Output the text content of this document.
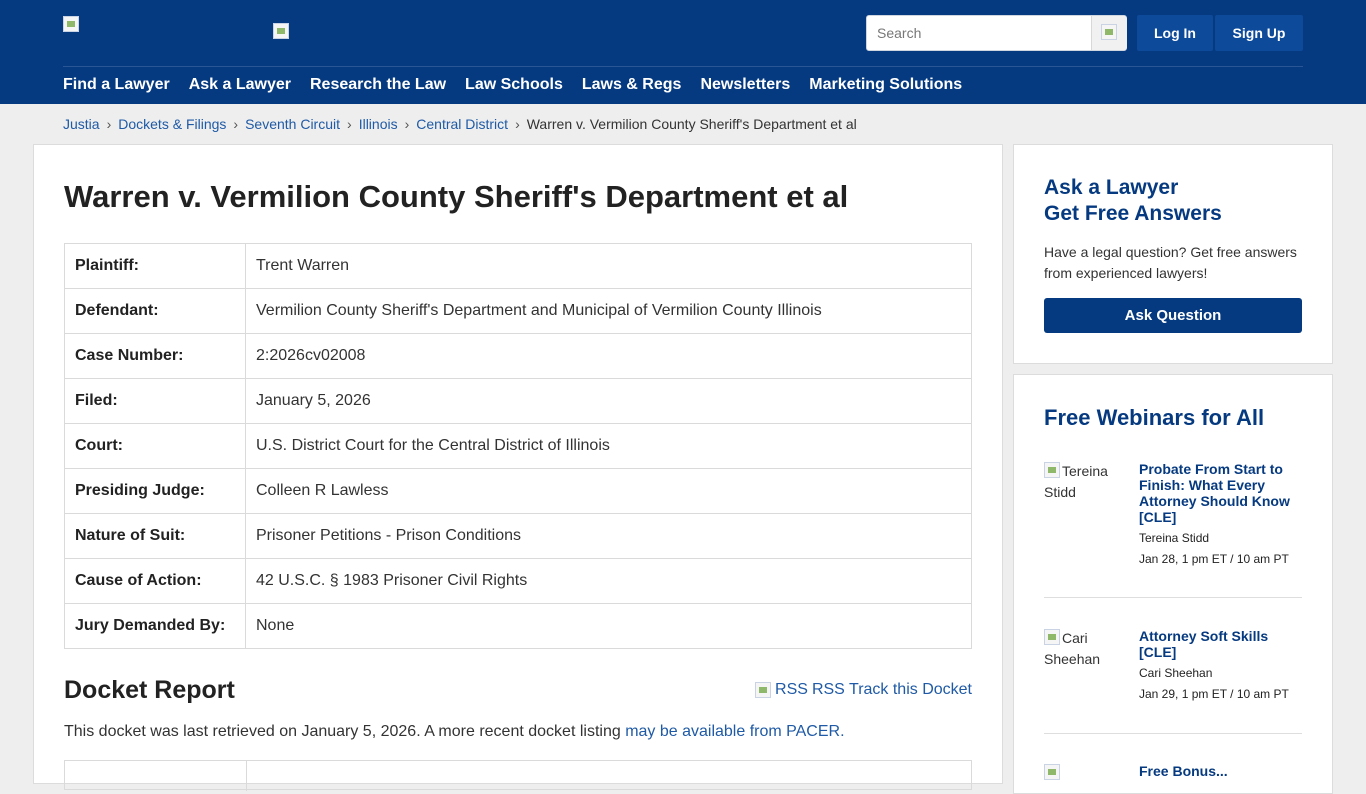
Search
Log In	Sign Up
Find a Lawyer Ask a Lawyer Research the Law Law Schools Laws & Regs Newsletters Marketing Solutions
Justia › Dockets & Filings › Seventh Circuit › Illinois › Central District › Warren v. Vermilion County Sheriff's Department et al
Warren v. Vermilion County Sheriff's Department et al
Plaintiff:	Trent Warren
Defendant:	Vermilion County Sheriff's Department and Municipal of Vermilion County Illinois
Case Number:	2:2026cv02008
Filed:	January 5, 2026
Court:	U.S. District Court for the Central District of Illinois
Presiding Judge:	Colleen R Lawless
Nature of Suit:	Prisoner Petitions - Prison Conditions
Cause of Action:	42 U.S.C. § 1983 Prisoner Civil Rights
Jury Demanded By:	None
Docket Report	RSS RSS Track this Docket

This docket was last retrieved on January 5, 2026. A more recent docket listing may be available from PACER.

Ask a Lawyer
Get Free Answers

Have a legal question? Get free answers from experienced lawyers!

Ask Question
Free Webinars for All
Tereina Stidd
Probate From Start to Finish: What Every Attorney Should Know [CLE]
Tereina Stidd
Jan 28, 1 pm ET / 10 am PT
Cari Sheehan
Attorney Soft Skills [CLE]
Cari Sheehan
Jan 29, 1 pm ET / 10 am PT
Free Bonus...
